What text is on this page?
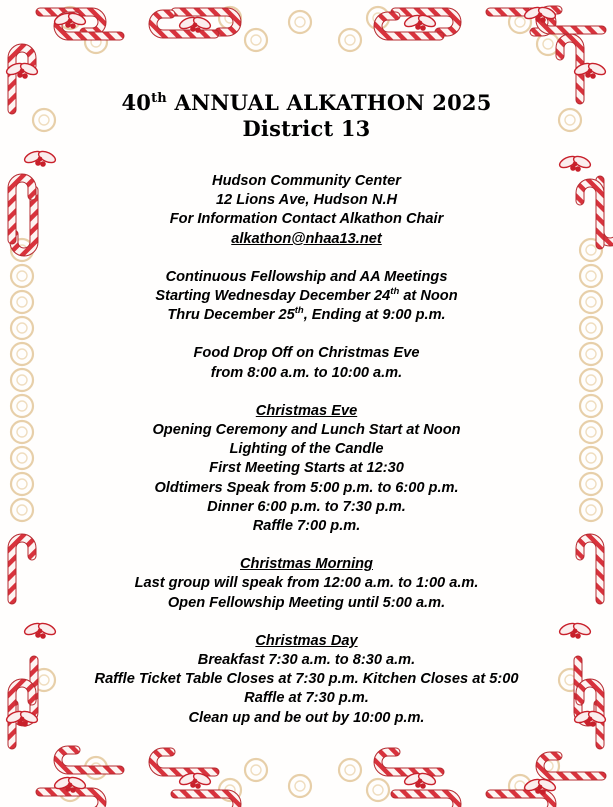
40th ANNUAL ALKATHON 2025
District 13
Hudson Community Center
12 Lions Ave, Hudson N.H
For Information Contact Alkathon Chair
alkathon@nhaa13.net
Continuous Fellowship and AA Meetings
Starting Wednesday December 24th at Noon
Thru December 25th, Ending at 9:00 p.m.
Food Drop Off on Christmas Eve
from 8:00 a.m. to 10:00 a.m.
Christmas Eve
Opening Ceremony and Lunch Start at Noon
Lighting of the Candle
First Meeting Starts at 12:30
Oldtimers Speak from 5:00 p.m. to 6:00 p.m.
Dinner 6:00 p.m. to 7:30 p.m.
Raffle 7:00 p.m.
Christmas Morning
Last group will speak from 12:00 a.m. to 1:00 a.m.
Open Fellowship Meeting until 5:00 a.m.
Christmas Day
Breakfast 7:30 a.m. to 8:30 a.m.
Raffle Ticket Table Closes at 7:30 p.m. Kitchen Closes at 5:00
Raffle at 7:30 p.m.
Clean up and be out by 10:00 p.m.
